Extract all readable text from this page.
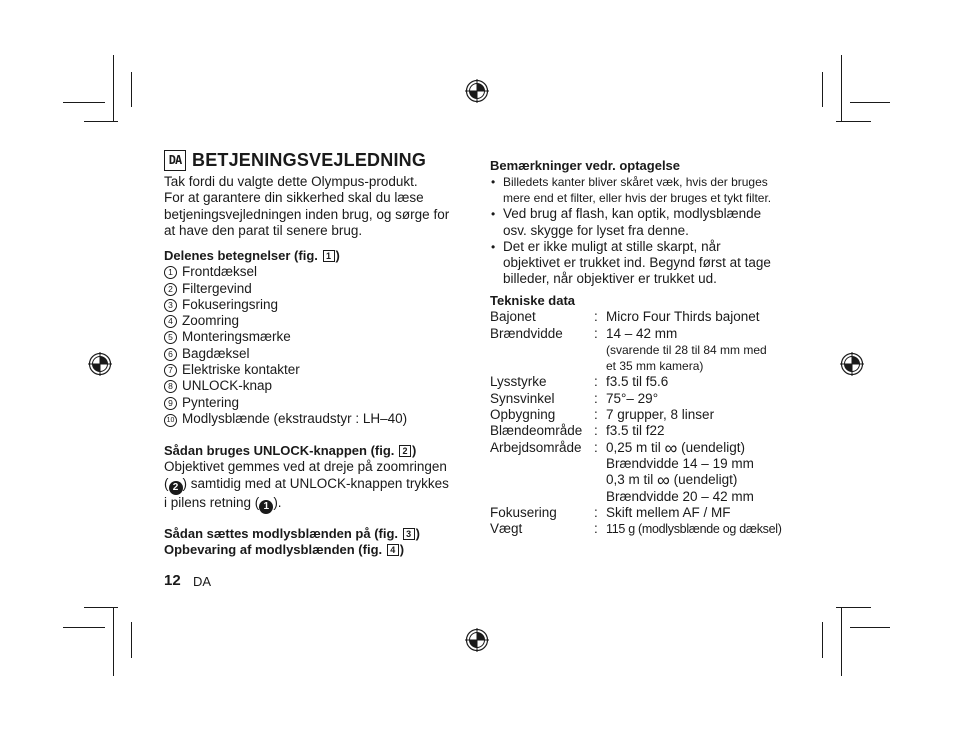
DA BETJENINGSVEJLEDNING
Tak fordi du valgte dette Olympus-produkt.
For at garantere din sikkerhed skal du læse
betjeningsvejledningen inden brug, og sørge for
at have den parat til senere brug.
Delenes betegnelser (fig. 1 )
1 Frontdæksel
2 Filtergevind
3 Fokuseringsring
4 Zoomring
5 Monteringsmærke
6 Bagdæksel
7 Elektriske kontakter
8 UNLOCK-knap
9 Pyntering
10 Modlysblænde (ekstraudstyr : LH–40)
Sådan bruges UNLOCK-knappen (fig. 2 )
Objektivet gemmes ved at dreje på zoomringen
( 2 ) samtidig med at UNLOCK-knappen trykkes
i pilens retning ( 1 ).
Sådan sættes modlysblænden på (fig. 3 )
Opbevaring af modlysblænden (fig. 4 )
12 DA
Bemærkninger vedr. optagelse
• Billedets kanter bliver skåret væk, hvis der bruges
mere end et filter, eller hvis der bruges et tykt filter.
• Ved brug af flash, kan optik, modlysblænde
osv. skygge for lyset fra denne.
• Det er ikke muligt at stille skarpt, når
objektivet er trukket ind. Begynd først at tage
billeder, når objektiver er trukket ud.
Tekniske data
Bajonet	:	Micro Four Thirds bajonet
Brændvidde	:	14 – 42 mm
(svarende til 28 til 84 mm med
et 35 mm kamera)

Lysstyrke	:	f3.5 til f5.6
Synsvinkel	:	75°– 29°
Opbygning	:	7 grupper, 8 linser
Blændeområde	:	f3.5 til f22
Arbejdsområde	:	0,25 m til ∞ (uendeligt)
Brændvidde 14 – 19 mm
0,3 m til ∞ (uendeligt)
Brændvidde 20 – 42 mm

Fokusering	:	Skift mellem AF / MF
Vægt	:	115 g (modlysblænde og dæksel)
